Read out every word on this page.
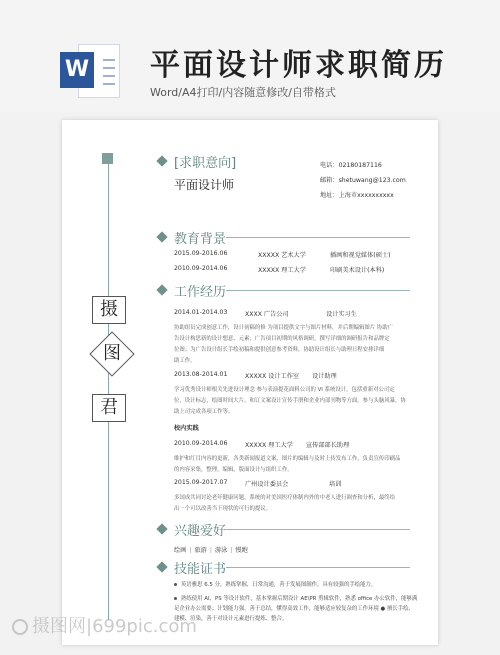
W 平面设计师求职简历
Word/A4打印/内容随意修改/自带格式
摄
图
君
[求职意向]
平面设计师
电话：02180187116
邮箱：shetuwang@123.com
地址：上海市xxxxxxxxxx
教育背景
2015.09-2016.06	XXXXX 艺术大学	插画和视觉媒体(硕士)
2010.09-2014.06	XXXXX 理工大学	印刷美术设计(本科)
工作经历
2014.01-2014.03	XXXX 广告公司	设计实习生
协助组员完成创意工作，设计初稿的修 为项目提供文字与图片材料，并后期编辑图片 协助广
告设计构思新的设计想意、元素；广告项目初期的风格调研，撰写详细的调研报告和品牌定
位图；为广告设计组长手绘初稿和提供创意参考资料，协助设计组长与助理日程安排详细
助工作。
2013.08-2014.01	XXXXX 设计工作室 设计助理
学习优秀设计师根关先进设计理念 参与表演提花面料公司的 VI 系统设计，包括重新对公司定
位，设计标志，绘图时间大片，和订文案设计宣传手册和企业内部刊物等方面。参与头脑风暴，协
助上司完成各项工作等。
校内实践
2010.09-2014.06	XXXXX 理工大学 宣传部部长助理
维护和红目内容的更新，各类新闻报道文案，图片的编辑与及时上传发布工作，负责宣传印刷品
的内容采集，整理，编辑，版面设计与组织工作。
2015.09-2017.07	广州设计委员会	培训
多国成共同讨论老年健康问题，系统的对美国医疗体制内外的中老人进行调查和分析，最终给
出一个可以改善当下现状的可行的提议。
兴趣爱好
绘画 | 旅游 | 游泳 | 慢跑
技能证书
英语雅思 6.5 分，熟练掌握，日常沟通，善于发展图制作，具有较强的手绘能力。
熟练使用 AI、PS 等设计软件，基本掌握后期设计 AE\PR 剪辑软件，熟悉 office 办公软件，能够满足企业办公需要；计划能力强，善于总结，懂得高效工作，能够适应较复杂的工作环境 ● 擅长手绘、建模、渲染，善于对设计元素进行提炼、整合。
摄图网|699pic.com
